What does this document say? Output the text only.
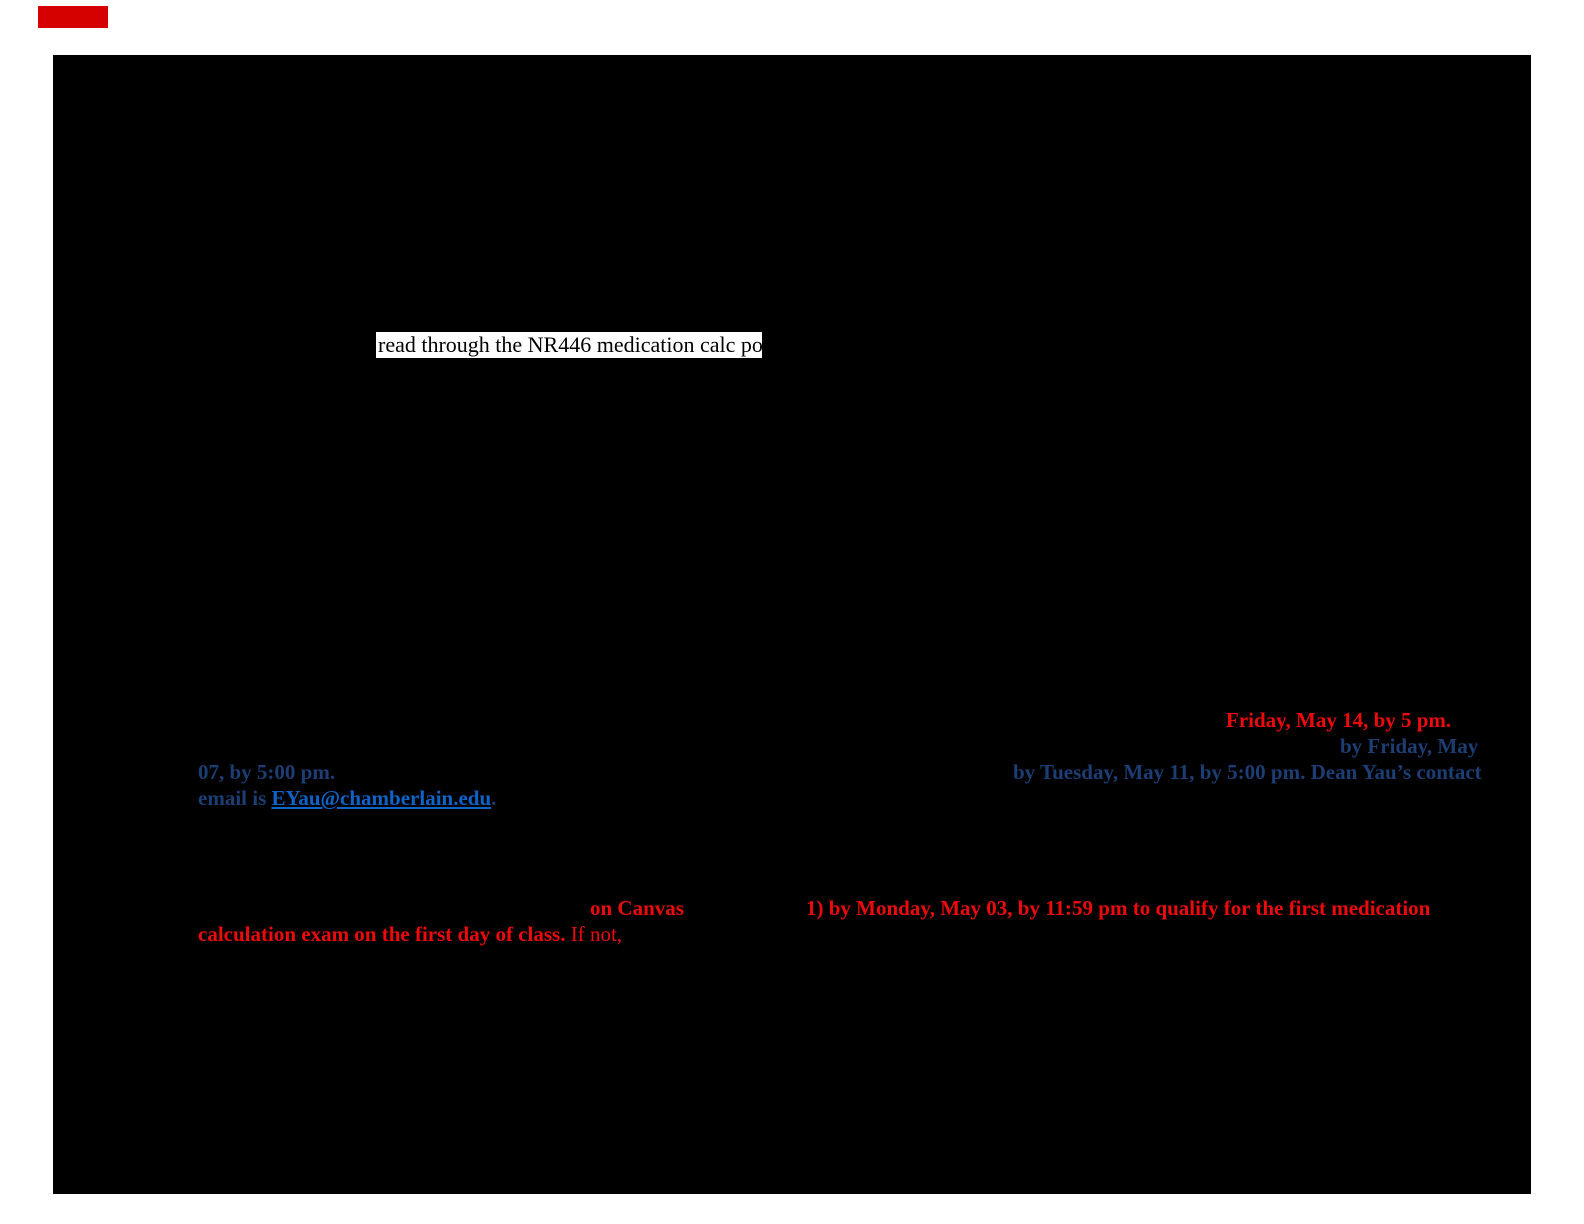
read through the NR446 medication calc policy
Friday, May 14, by 5 pm.
by Friday, May
07, by 5:00 pm.	by Tuesday, May 11, by 5:00 pm. Dean Yau’s contact
email is EYau@chamberlain.edu.
on Canvas	1) by Monday, May 03, by 11:59 pm to qualify for the first medication
calculation exam on the first day of class. If not,
